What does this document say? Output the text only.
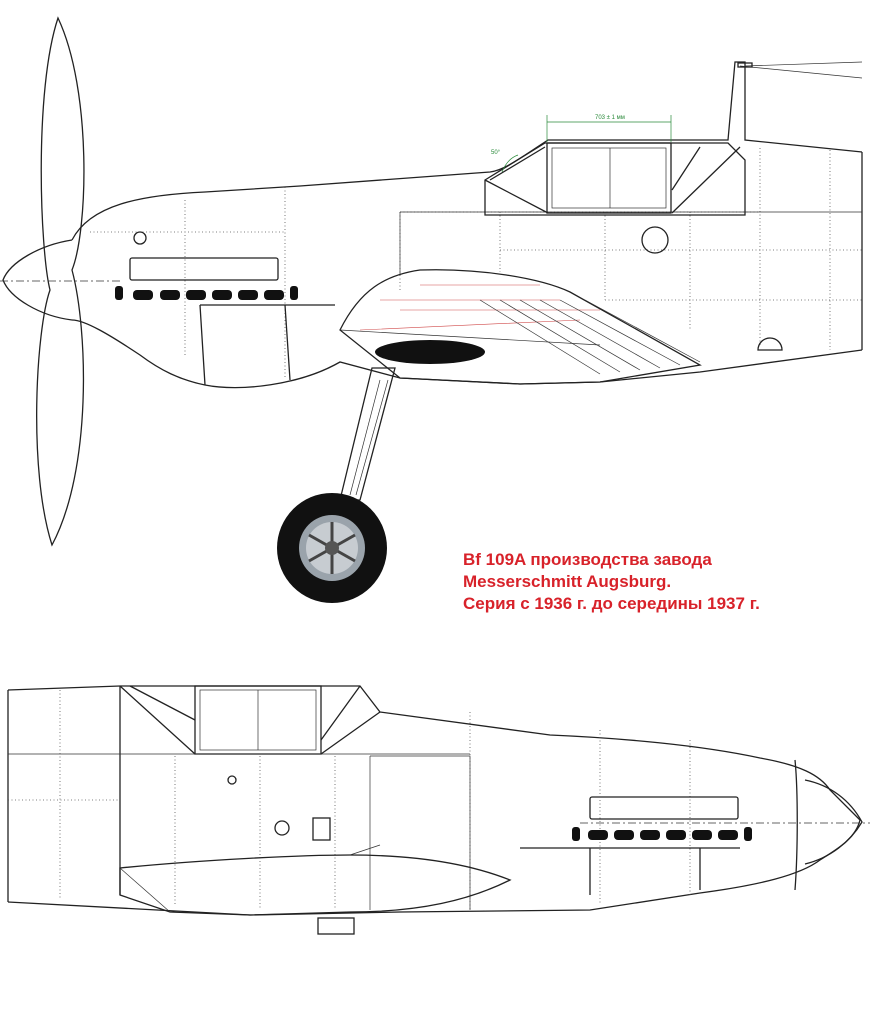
703 ± 1 мм
50°
Bf 109A производства завода
Messerschmitt Augsburg.
Серия с 1936 г. до середины 1937 г.
